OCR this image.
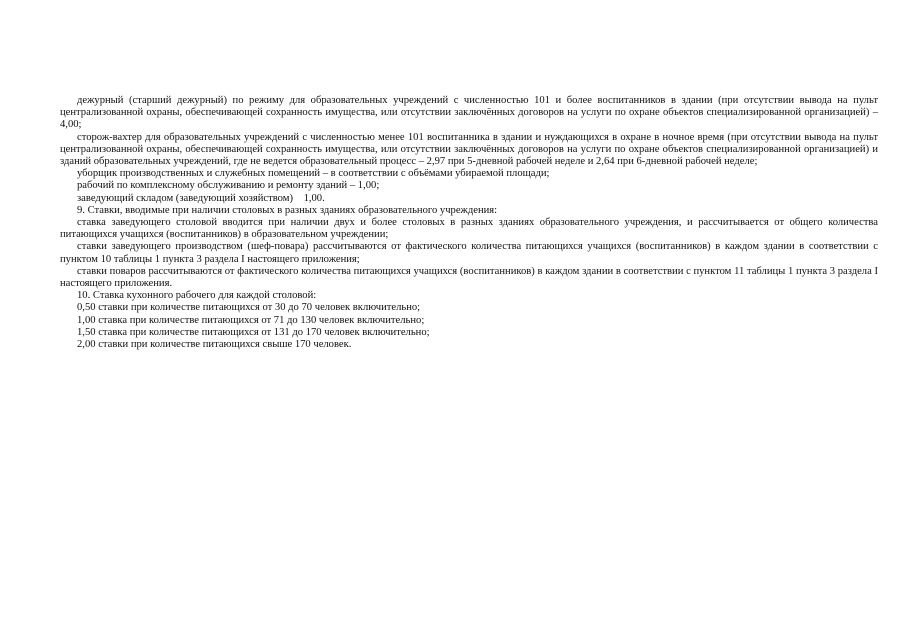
дежурный (старший дежурный) по режиму для образовательных учреждений с численностью 101 и более воспитанников в здании (при отсутствии вывода на пульт централизованной охраны, обеспечивающей сохранность имущества, или отсутствии заключённых договоров на услуги по охране объектов специализированной организацией) – 4,00;

сторож-вахтер для образовательных учреждений с численностью менее 101 воспитанника в здании и нуждающихся в охране в ночное время (при отсутствии вывода на пульт централизованной охраны, обеспечивающей сохранность имущества, или отсутствии заключённых договоров на услуги по охране объектов специализированной организацией) и зданий образовательных учреждений, где не ведется образовательный процесс – 2,97 при 5-дневной рабочей неделе и 2,64 при 6-дневной рабочей неделе;

уборщик производственных и служебных помещений – в соответствии с объёмами убираемой площади;

рабочий по комплексному обслуживанию и ремонту зданий – 1,00;

заведующий складом (заведующий хозяйством)    1,00.

9. Ставки, вводимые при наличии столовых в разных зданиях образовательного учреждения:

ставка заведующего столовой вводится при наличии двух и более столовых в разных зданиях образовательного учреждения, и рассчитывается от общего количества питающихся учащихся (воспитанников) в образовательном учреждении;

ставки заведующего производством (шеф-повара) рассчитываются от фактического количества питающихся учащихся (воспитанников) в каждом здании в соответствии с пунктом 10 таблицы 1 пункта 3 раздела I настоящего приложения;

ставки поваров рассчитываются от фактического количества питающихся учащихся (воспитанников) в каждом здании в соответствии с пунктом 11 таблицы 1 пункта 3 раздела I настоящего приложения.

10. Ставка кухонного рабочего для каждой столовой:

0,50 ставки при количестве питающихся от 30 до 70 человек включительно;

1,00 ставка при количестве питающихся от 71 до 130 человек включительно;

1,50 ставка при количестве питающихся от 131 до 170 человек включительно;

2,00 ставки при количестве питающихся свыше 170 человек.
